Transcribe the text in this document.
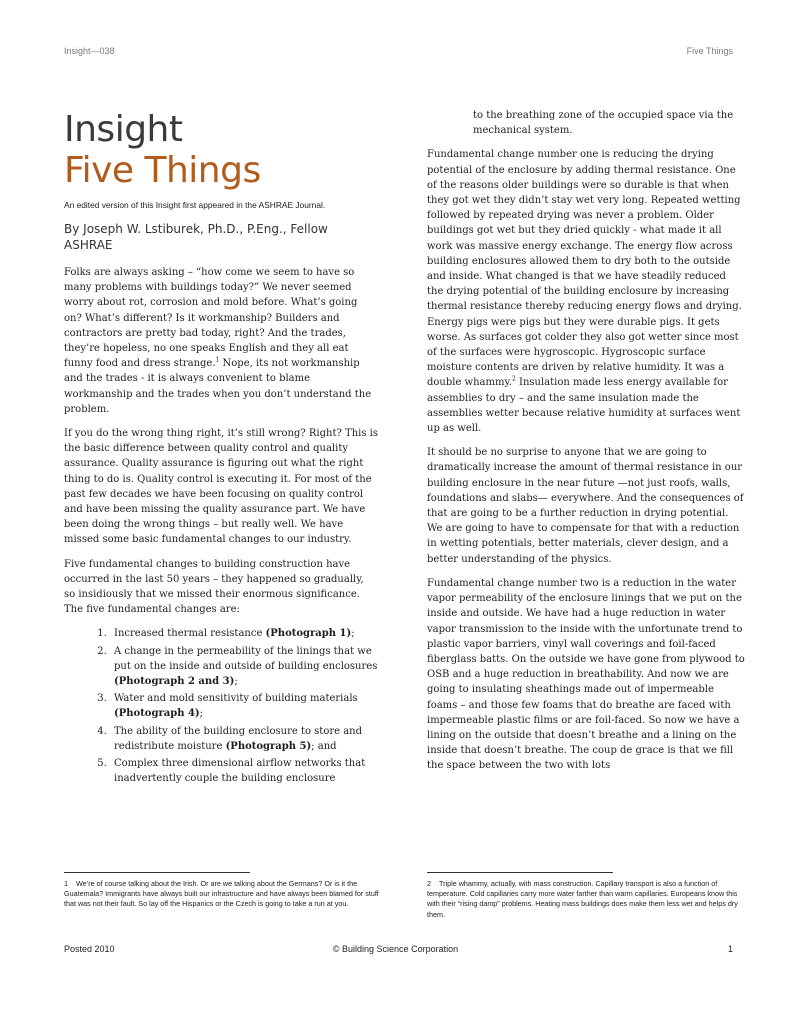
Insight—038	Five Things
Insight
Five Things
An edited version of this Insight first appeared in the ASHRAE Journal.
By Joseph W. Lstiburek, Ph.D., P.Eng., Fellow ASHRAE

Folks are always asking – “how come we seem to have so many problems with buildings today?” We never seemed worry about rot, corrosion and mold before. What’s going on? What’s different? Is it workmanship? Builders and contractors are pretty bad today, right? And the trades, they’re hopeless, no one speaks English and they all eat funny food and dress strange.$^1$ Nope, its not workmanship and the trades - it is always convenient to blame workmanship and the trades when you don’t understand the problem.

If you do the wrong thing right, it’s still wrong? Right? This is the basic difference between quality control and quality assurance. Quality assurance is figuring out what the right thing to do is. Quality control is executing it. For most of the past few decades we have been focusing on quality control and have been missing the quality assurance part. We have been doing the wrong things – but really well. We have missed some basic fundamental changes to our industry.

Five fundamental changes to building construction have occurred in the last 50 years – they happened so gradually, so insidiously that we missed their enormous significance. The five fundamental changes are:

1. Increased thermal resistance (Photograph 1);
2. A change in the permeability of the linings that we put on the inside and outside of building enclosures (Photograph 2 and 3);
3. Water and mold sensitivity of building materials (Photograph 4);
4. The ability of the building enclosure to store and redistribute moisture (Photograph 5); and
5. Complex three dimensional airflow networks that inadvertently couple the building enclosure

to the breathing zone of the occupied space via the mechanical system.

Fundamental change number one is reducing the drying potential of the enclosure by adding thermal resistance. One of the reasons older buildings were so durable is that when they got wet they didn’t stay wet very long. Repeated wetting followed by repeated drying was never a problem. Older buildings got wet but they dried quickly - what made it all work was massive energy exchange. The energy flow across building enclosures allowed them to dry both to the outside and inside. What changed is that we have steadily reduced the drying potential of the building enclosure by increasing thermal resistance thereby reducing energy flows and drying. Energy pigs were pigs but they were durable pigs. It gets worse. As surfaces got colder they also got wetter since most of the surfaces were hygroscopic. Hygroscopic surface moisture contents are driven by relative humidity. It was a double whammy.$^2$ Insulation made less energy available for assemblies to dry – and the same insulation made the assemblies wetter because relative humidity at surfaces went up as well.

It should be no surprise to anyone that we are going to dramatically increase the amount of thermal resistance in our building enclosure in the near future —not just roofs, walls, foundations and slabs— everywhere. And the consequences of that are going to be a further reduction in drying potential. We are going to have to compensate for that with a reduction in wetting potentials, better materials, clever design, and a better understanding of the physics.

Fundamental change number two is a reduction in the water vapor permeability of the enclosure linings that we put on the inside and outside. We have had a huge reduction in water vapor transmission to the inside with the unfortunate trend to plastic vapor barriers, vinyl wall coverings and foil-faced fiberglass batts. On the outside we have gone from plywood to OSB and a huge reduction in breathability. And now we are going to insulating sheathings made out of impermeable foams – and those few foams that do breathe are faced with impermeable plastic films or are foil-faced. So now we have a lining on the outside that doesn’t breathe and a lining on the inside that doesn’t breathe. The coup de grace is that we fill the space between the two with lots

1 We’re of course talking about the Irish. Or are we talking about the Germans? Or is it the Guatemala? Immigrants have always built our infrastructure and have always been blamed for stuff that was not their fault. So lay off the Hispanics or the Czech is going to take a run at you.
2 Triple whammy, actually, with mass construction. Capillary transport is also a function of temperature. Cold capillaries carry more water farther than warm capillaries. Europeans know this with their “rising damp” problems. Heating mass buildings does make them less wet and helps dry them.
Posted 2010	© Building Science Corporation	1
